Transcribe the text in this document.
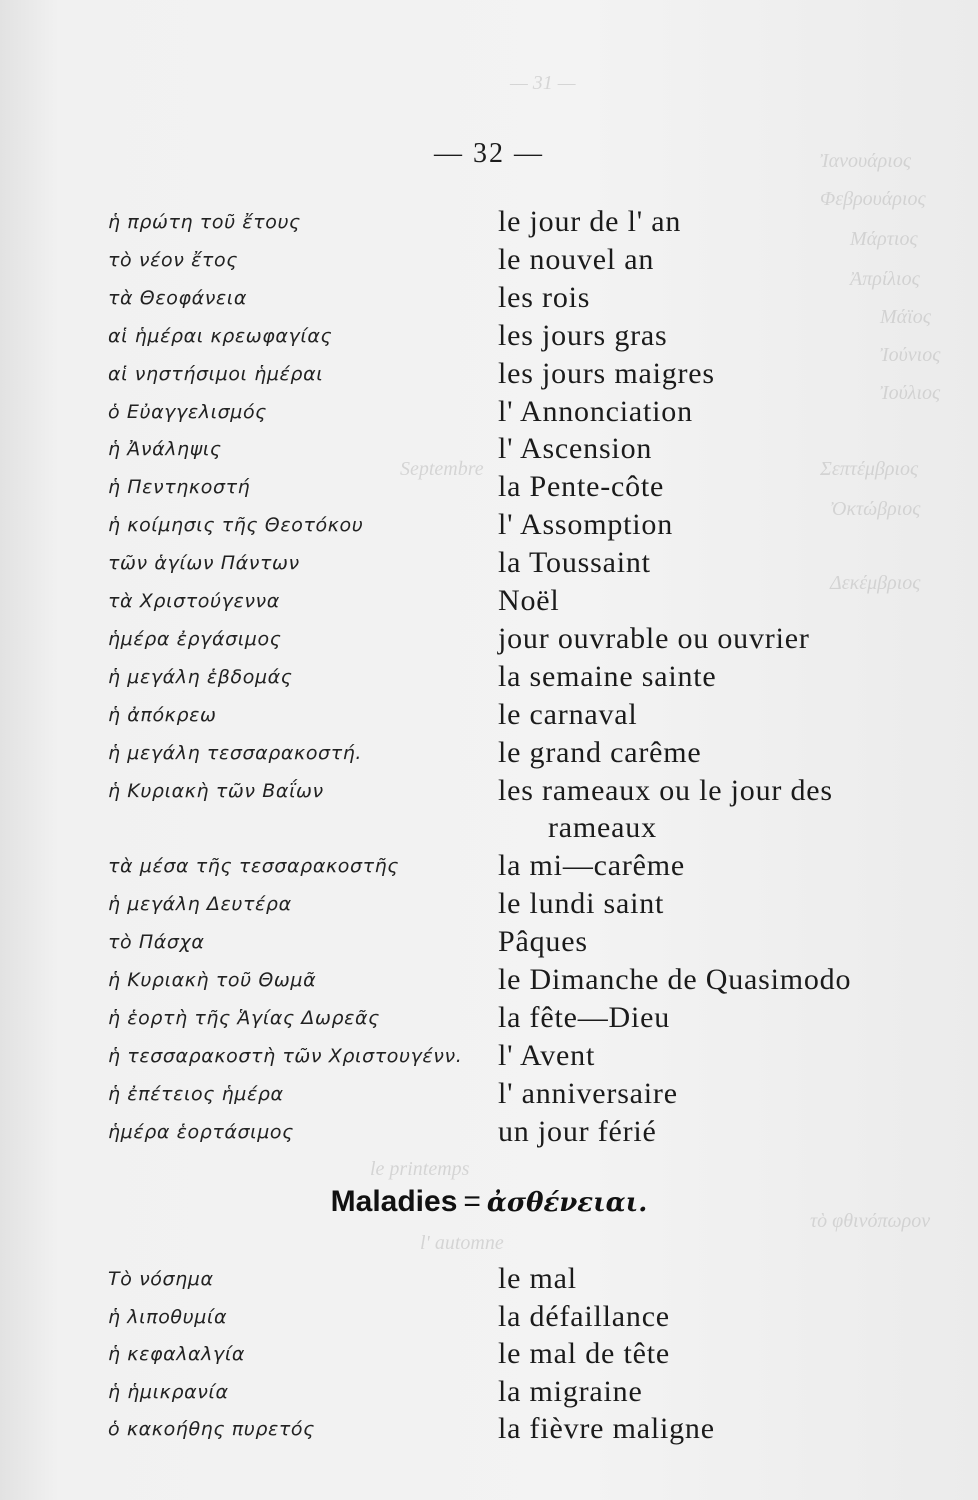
— 31 —
Ἰανουάριος
Φεβρουάριος
Μάρτιος
Ἀπρίλιος
Μάϊος
Ἰούνιος
Ἰούλιος
Septembre	Σεπτέμβριος
Ὀκτώβριος
Δεκέμβριος
le printemps
l' automne
τὸ φθινόπωρον
— 32 —
ἡ πρώτη τοῦ ἔτους	le jour de l' an
τὸ νέον ἔτος	le nouvel an
τὰ Θεοφάνεια	les rois
αἱ ἡμέραι κρεωφαγίας	les jours gras
αἱ νηστήσιμοι ἡμέραι	les jours maigres
ὁ Εὐαγγελισμός	l' Annonciation
ἡ Ἀνάληψις	l' Ascension
ἡ Πεντηκοστή	la Pente-côte
ἡ κοίμησις τῆς Θεοτόκου	l' Assomption
τῶν ἁγίων Πάντων	la Toussaint
τὰ Χριστούγεννα	Noël
ἡμέρα ἐργάσιμος	jour ouvrable ou ouvrier
ἡ μεγάλη ἑβδομάς	la semaine sainte
ἡ ἀπόκρεω	le carnaval
ἡ μεγάλη τεσσαρακοστή.	le grand carême
ἡ Κυριακὴ τῶν Βαΐων	les rameaux ou le jour des
rameaux
τὰ μέσα τῆς τεσσαρακοστῆς	la mi—carême
ἡ μεγάλη Δευτέρα	le lundi saint
τὸ Πάσχα	Pâques
ἡ Κυριακὴ τοῦ Θωμᾶ	le Dimanche de Quasimodo
ἡ ἑορτὴ τῆς Ἁγίας Δωρεᾶς	la fête—Dieu
ἡ τεσσαρακοστὴ τῶν Χριστουγένν. l' Avent
ἡ ἐπέτειος ἡμέρα	l' anniversaire
ἡμέρα ἑορτάσιμος	un jour férié
Maladies = ἀσθένειαι.
Τὸ νόσημα	le mal
ἡ λιποθυμία	la défaillance
ἡ κεφαλαλγία	le mal de tête
ἡ ἡμικρανία	la migraine
ὁ κακοήθης πυρετός	la fièvre maligne
